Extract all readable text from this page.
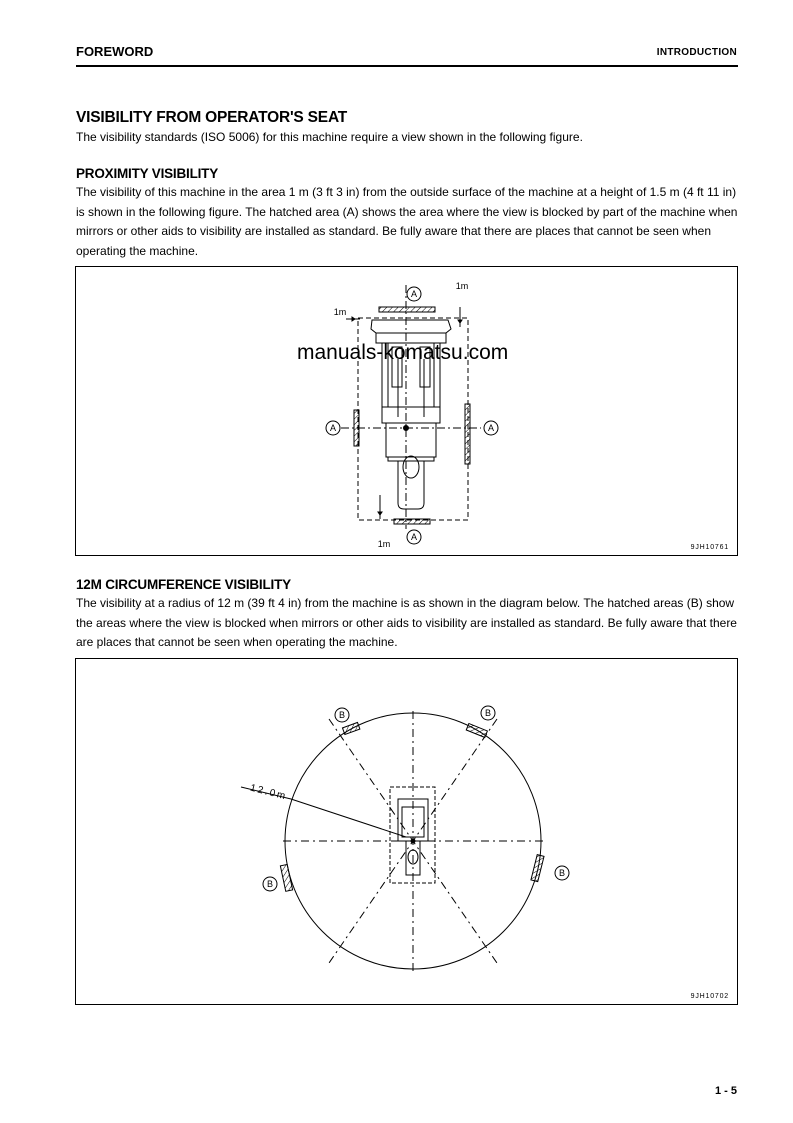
FOREWORD	INTRODUCTION
VISIBILITY FROM OPERATOR'S SEAT
The visibility standards (ISO 5006) for this machine require a view shown in the following figure.
PROXIMITY VISIBILITY
The visibility of this machine in the area 1 m (3 ft 3 in) from the outside surface of the machine at a height of 1.5 m (4 ft 11 in) is shown in the following figure. The hatched area (A) shows the area where the view is blocked by part of the machine when mirrors or other aids to visibility are installed as standard. Be fully aware that there are places that cannot be seen when operating the machine.
A
A	A
A
1m
1m
1m	9JH10761
manuals-komatsu.com
12M CIRCUMFERENCE VISIBILITY
The visibility at a radius of 12 m (39 ft 4 in) from the machine is as shown in the diagram below. The hatched areas (B) show the areas where the view is blocked when mirrors or other aids to visibility are installed as standard. Be fully aware that there are places that cannot be seen when operating the machine.
B	B
B
B
12.0m
9JH10702
1 - 5
